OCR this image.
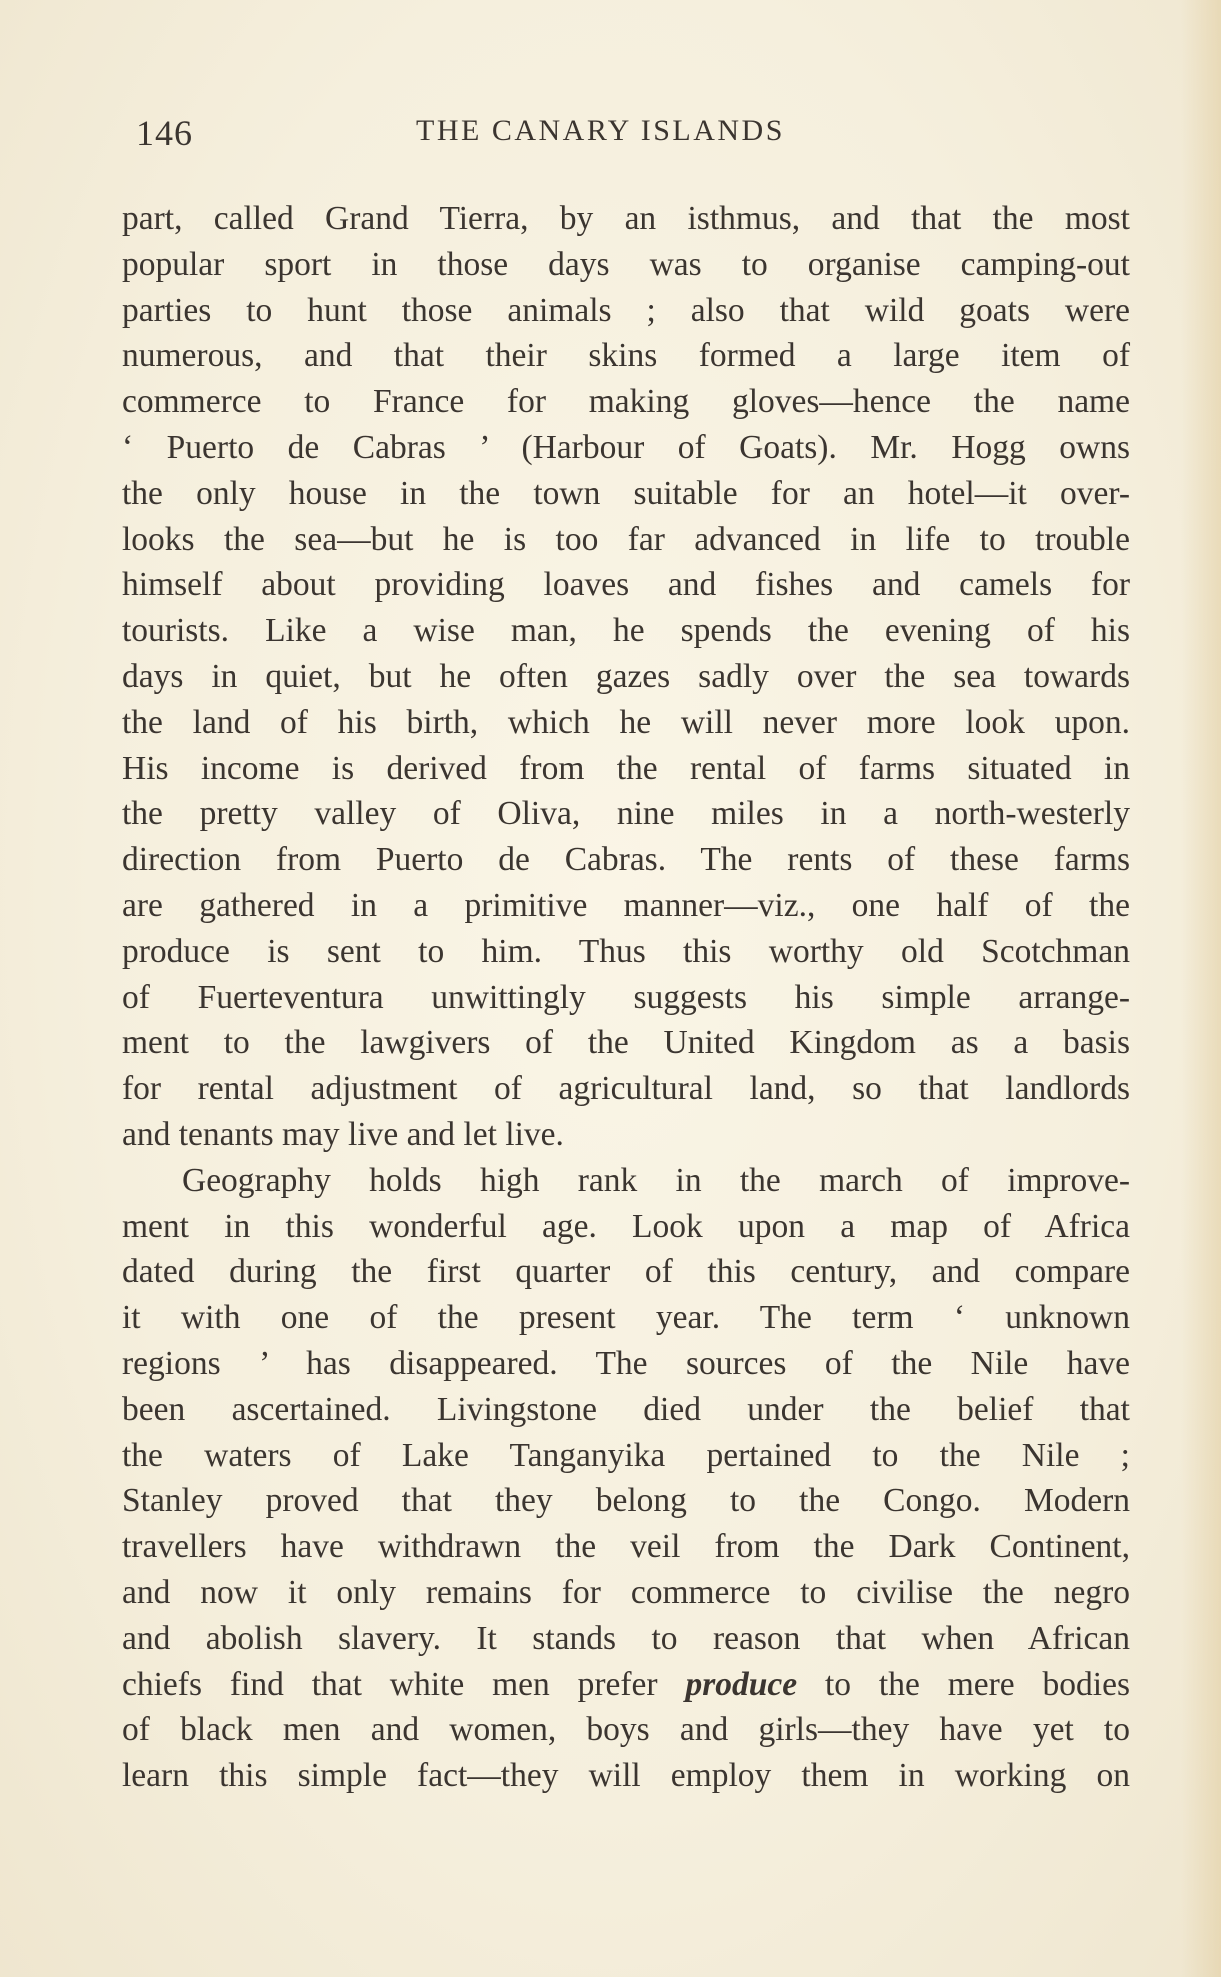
146	THE CANARY ISLANDS
part, called Grand Tierra, by an isthmus, and that the most
popular sport in those days was to organise camping-out
parties to hunt those animals ; also that wild goats were
numerous, and that their skins formed a large item of
commerce to France for making gloves—hence the name
‘ Puerto de Cabras ’ (Harbour of Goats). Mr. Hogg owns
the only house in the town suitable for an hotel—it over-
looks the sea—but he is too far advanced in life to trouble
himself about providing loaves and fishes and camels for
tourists. Like a wise man, he spends the evening of his
days in quiet, but he often gazes sadly over the sea towards
the land of his birth, which he will never more look upon.
His income is derived from the rental of farms situated in
the pretty valley of Oliva, nine miles in a north-westerly
direction from Puerto de Cabras. The rents of these farms
are gathered in a primitive manner—viz., one half of the
produce is sent to him. Thus this worthy old Scotchman
of Fuerteventura unwittingly suggests his simple arrange-
ment to the lawgivers of the United Kingdom as a basis
for rental adjustment of agricultural land, so that landlords
and tenants may live and let live.
Geography holds high rank in the march of improve-
ment in this wonderful age. Look upon a map of Africa
dated during the first quarter of this century, and compare
it with one of the present year. The term ‘ unknown
regions ’ has disappeared. The sources of the Nile have
been ascertained. Livingstone died under the belief that
the waters of Lake Tanganyika pertained to the Nile ;
Stanley proved that they belong to the Congo. Modern
travellers have withdrawn the veil from the Dark Continent,
and now it only remains for commerce to civilise the negro
and abolish slavery. It stands to reason that when African
chiefs find that white men prefer produce to the mere bodies
of black men and women, boys and girls—they have yet to
learn this simple fact—they will employ them in working on
